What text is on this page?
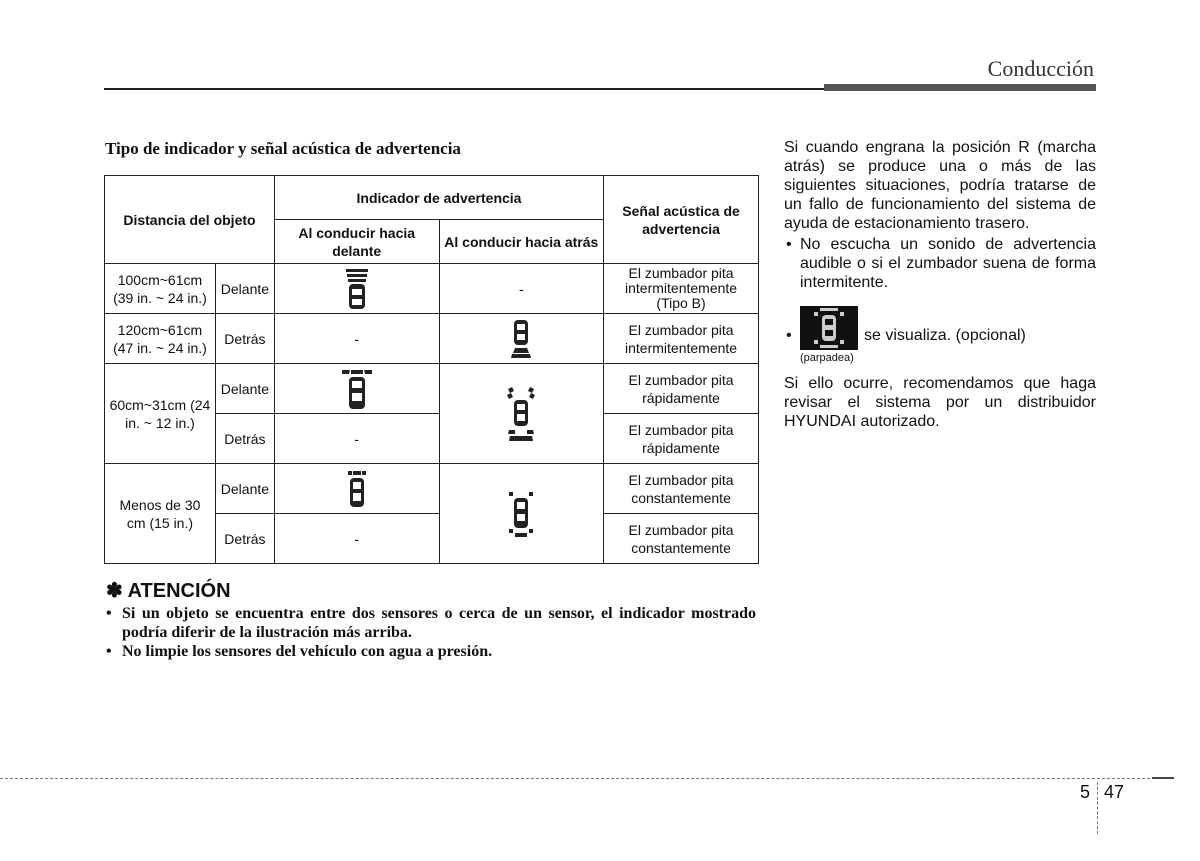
Conducción
Tipo de indicador y señal acústica de advertencia
Distancia del objeto		Indicador de advertencia		Señal acústica de advertencia
		Al conducir hacia delante	Al conducir hacia atrás	
100cm~61cm (39 in. ~ 24 in.)	Delante		-	El zumbador pita intermitentemente (Tipo B)
120cm~61cm (47 in. ~ 24 in.)	Detrás	-		El zumbador pita intermitentemente
60cm~31cm (24 in. ~ 12 in.)	Delante			El zumbador pita rápidamente
	Detrás	-		El zumbador pita rápidamente
Menos de 30 cm (15 in.)	Delante			El zumbador pita constantemente
	Detrás	-		El zumbador pita constantemente
✽ ATENCIÓN
• Si un objeto se encuentra entre dos sensores o cerca de un sensor, el indicador mostrado podría diferir de la ilustración más arriba.
• No limpie los sensores del vehículo con agua a presión.

Si cuando engrana la posición R (marcha atrás) se produce una o más de las siguientes situaciones, podría tratarse de un fallo de funcionamiento del sistema de ayuda de estacionamiento trasero.

• No escucha un sonido de advertencia audible o si el zumbador suena de forma intermitente.
•
(parpadea)
se visualiza. (opcional)

Si ello ocurre, recomendamos que haga revisar el sistema por un distribuidor HYUNDAI autorizado.

5 47
